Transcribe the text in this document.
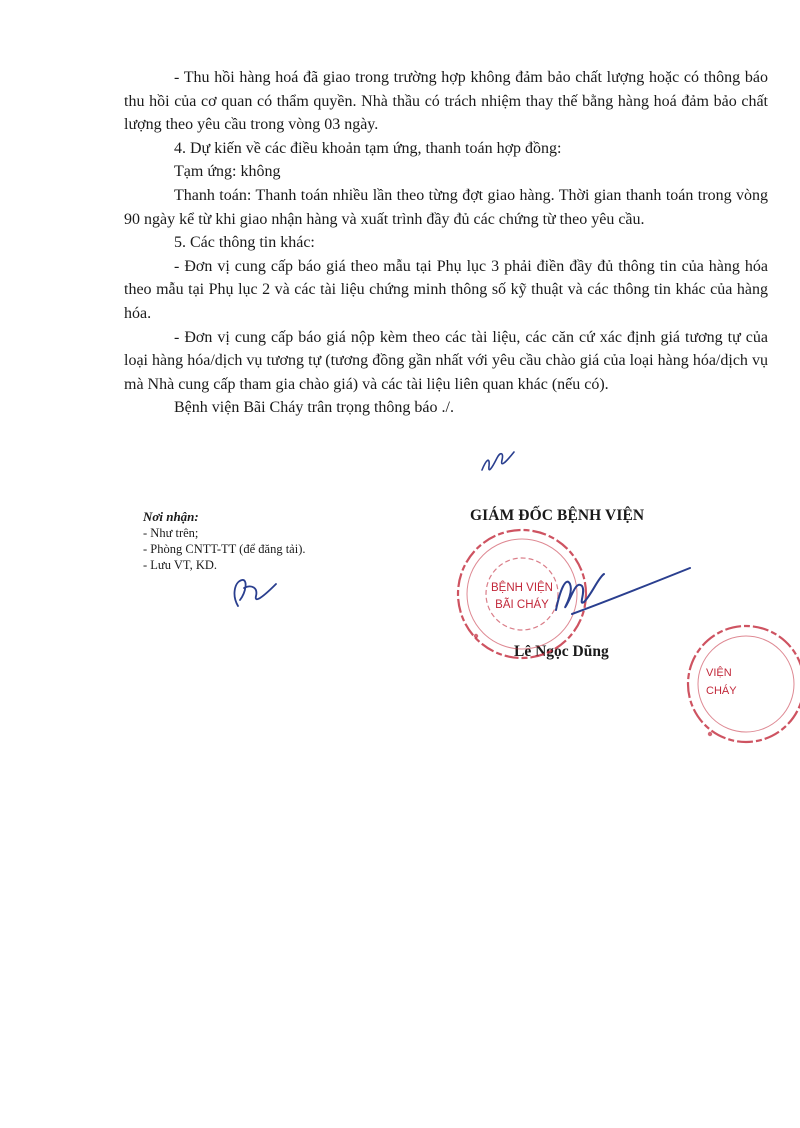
- Thu hồi hàng hoá đã giao trong trường hợp không đảm bảo chất lượng hoặc có thông báo thu hồi của cơ quan có thẩm quyền. Nhà thầu có trách nhiệm thay thế bằng hàng hoá đảm bảo chất lượng theo yêu cầu trong vòng 03 ngày.

4. Dự kiến về các điều khoản tạm ứng, thanh toán hợp đồng:

Tạm ứng: không

Thanh toán: Thanh toán nhiều lần theo từng đợt giao hàng. Thời gian thanh toán trong vòng 90 ngày kể từ khi giao nhận hàng và xuất trình đầy đủ các chứng từ theo yêu cầu.

5. Các thông tin khác:

- Đơn vị cung cấp báo giá theo mẫu tại Phụ lục 3 phải điền đầy đủ thông tin của hàng hóa theo mẫu tại Phụ lục 2 và các tài liệu chứng minh thông số kỹ thuật và các thông tin khác của hàng hóa.

- Đơn vị cung cấp báo giá nộp kèm theo các tài liệu, các căn cứ xác định giá tương tự của loại hàng hóa/dịch vụ tương tự (tương đồng gần nhất với yêu cầu chào giá của loại hàng hóa/dịch vụ mà Nhà cung cấp tham gia chào giá) và các tài liệu liên quan khác (nếu có).

Bệnh viện Bãi Cháy trân trọng thông báo ./.

Nơi nhận:
- Như trên;
- Phòng CNTT-TT (để đăng tải).
- Lưu VT, KD.
GIÁM ĐỐC BỆNH VIỆN
Lê Ngọc Dũng
BỆNH VIỆN
BÃI CHÁY
VIỆN
CHÁY
